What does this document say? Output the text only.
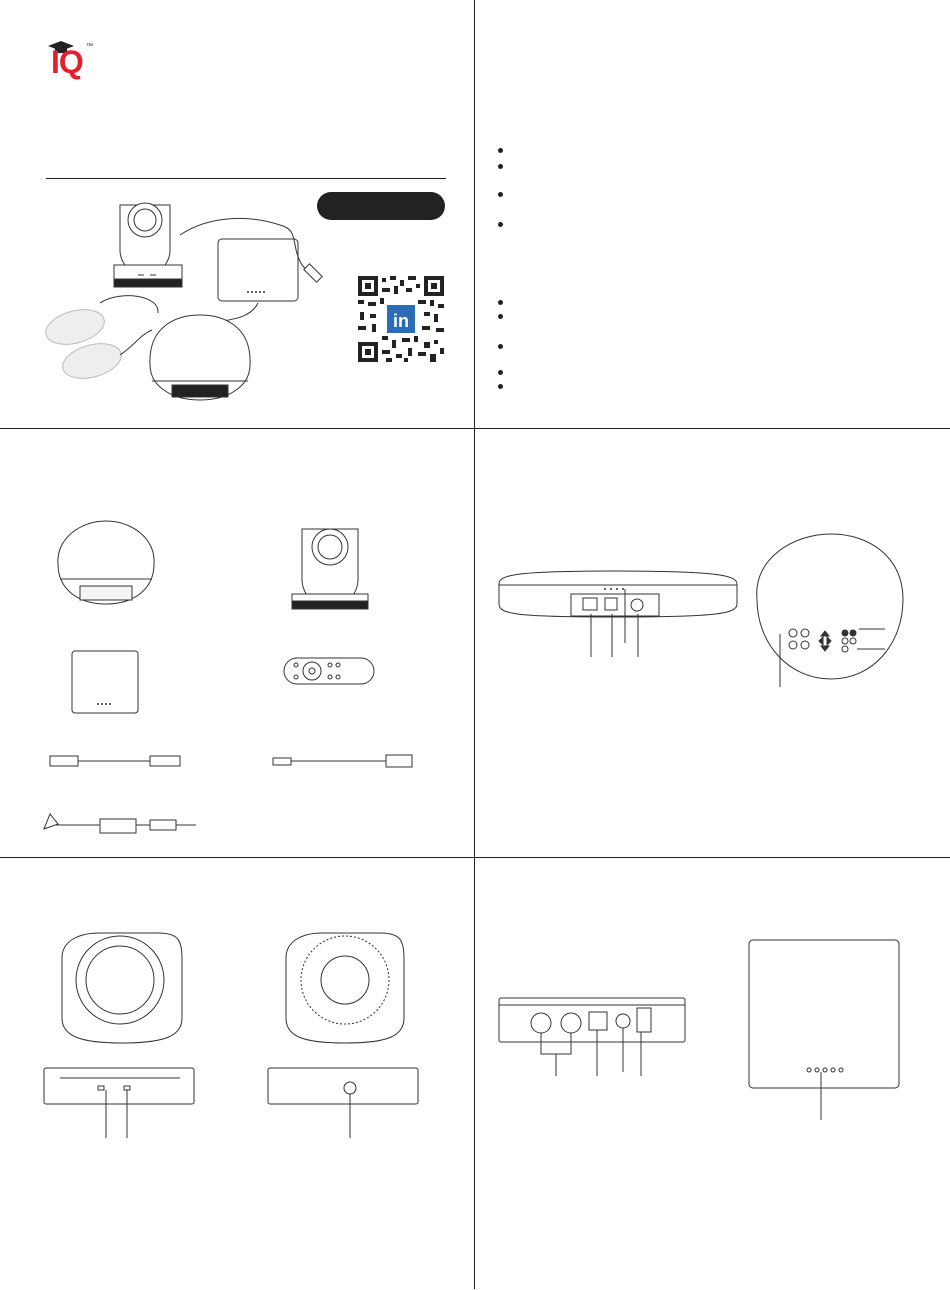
IQ ™
in
